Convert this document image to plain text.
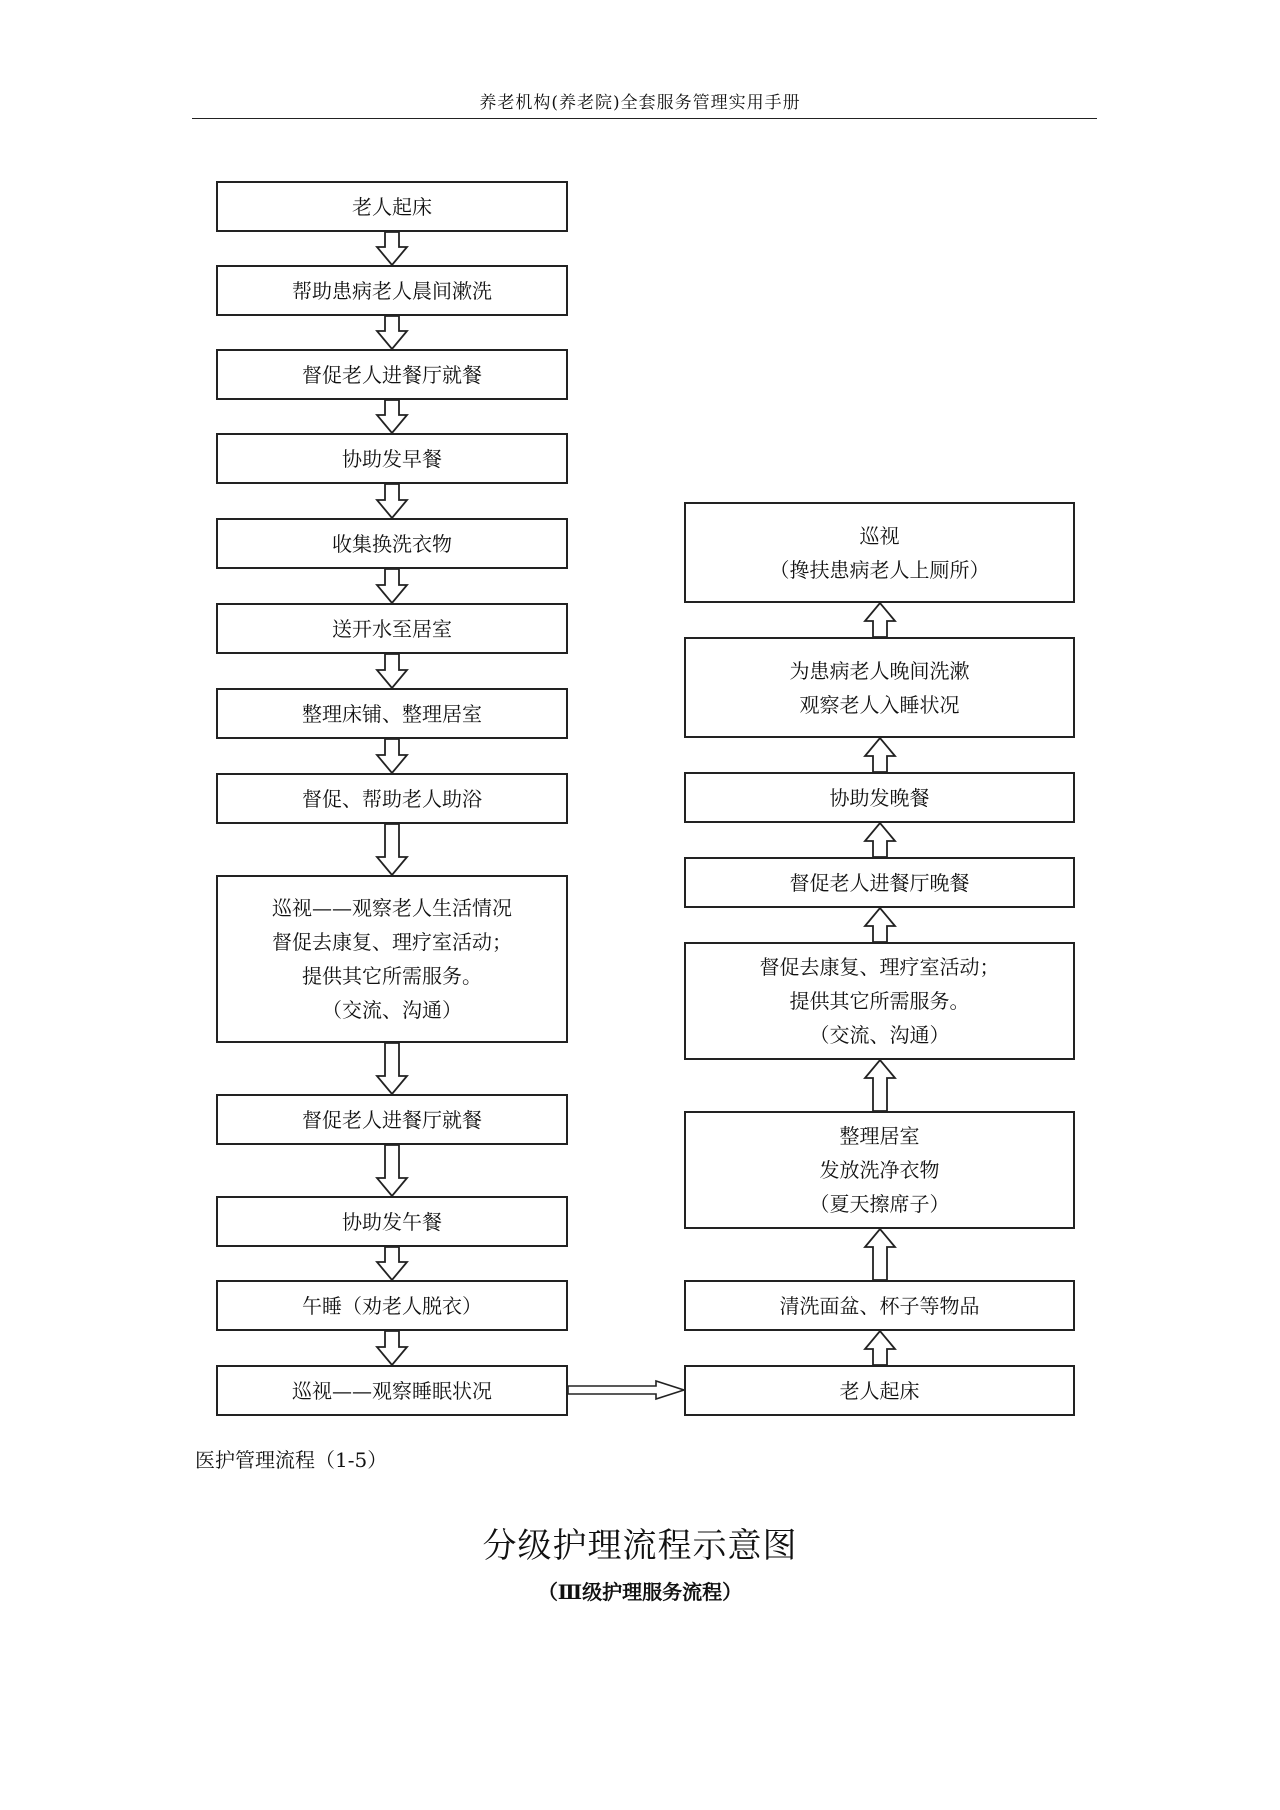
养老机构(养老院)全套服务管理实用手册
老人起床
帮助患病老人晨间漱洗
督促老人进餐厅就餐
协助发早餐
收集换洗衣物
送开水至居室
整理床铺、整理居室
督促、帮助老人助浴
巡视——观察老人生活情况
督促去康复、理疗室活动；
提供其它所需服务。
（交流、沟通）
督促老人进餐厅就餐
协助发午餐
午睡（劝老人脱衣）
巡视——观察睡眠状况
巡视
（搀扶患病老人上厕所）
为患病老人晚间洗漱
观察老人入睡状况
协助发晚餐
督促老人进餐厅晚餐
督促去康复、理疗室活动；
提供其它所需服务。
（交流、沟通）
整理居室
发放洗净衣物
（夏天擦席子）
清洗面盆、杯子等物品
老人起床
医护管理流程（1-5）
分级护理流程示意图
（Ⅲ级护理服务流程）
